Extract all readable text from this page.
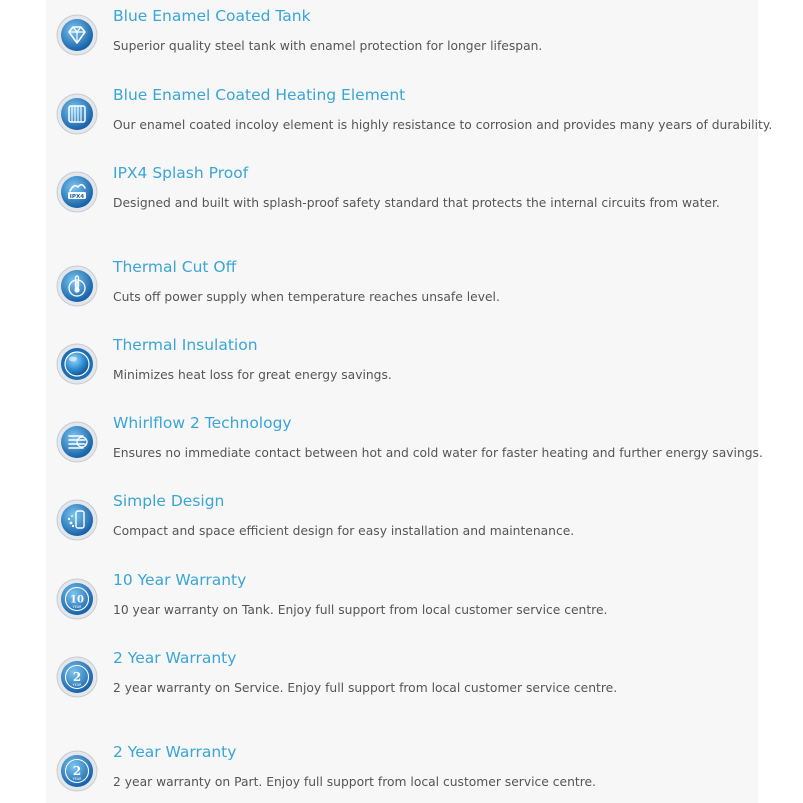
Blue Enamel Coated Tank
Superior quality steel tank with enamel protection for longer lifespan.
Blue Enamel Coated Heating Element
Our enamel coated incoloy element is highly resistance to corrosion and provides many years of durability.
IPX4
IPX4 Splash Proof
Designed and built with splash-proof safety standard that protects the internal circuits from water.
Thermal Cut Off
Cuts off power supply when temperature reaches unsafe level.
Thermal Insulation
Minimizes heat loss for great energy savings.
Whirlflow 2 Technology
Ensures no immediate contact between hot and cold water for faster heating and further energy savings.
Simple Design
Compact and space efficient design for easy installation and maintenance.
10
YEAR
10 Year Warranty
10 year warranty on Tank. Enjoy full support from local customer service centre.
2
YEAR
2 Year Warranty
2 year warranty on Service. Enjoy full support from local customer service centre.
2
YEAR
2 Year Warranty
2 year warranty on Part. Enjoy full support from local customer service centre.
